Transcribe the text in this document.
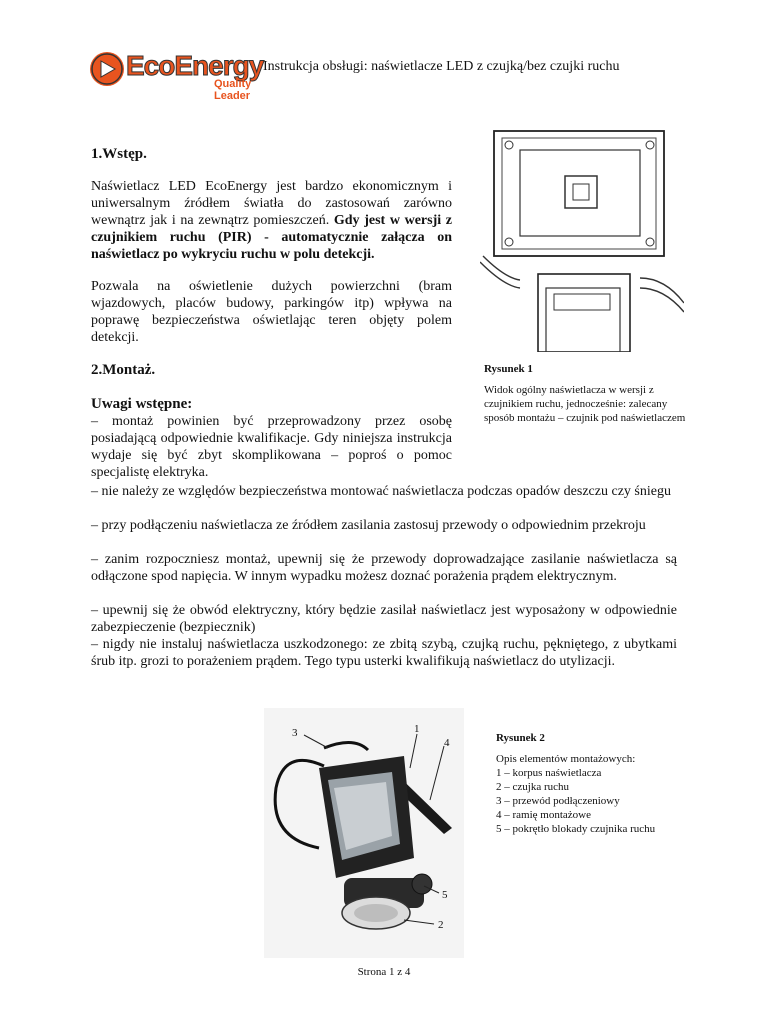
EcoEnergy
Quality Leader
Instrukcja obsługi: naświetlacze LED z czujką/bez czujki ruchu
1.Wstęp.
Naświetlacz LED EcoEnergy jest bardzo ekonomicznym i uniwersalnym źródłem światła do zastosowań zarówno wewnątrz jak i na zewnątrz pomieszczeń. Gdy jest w wersji z czujnikiem ruchu (PIR) - automatycznie załącza on naświetlacz po wykryciu ruchu w polu detekcji.
Pozwala na oświetlenie dużych powierzchni (bram wjazdowych, placów budowy, parkingów itp) wpływa na poprawę bezpieczeństwa oświetlając teren objęty polem detekcji.
Rysunek 1
Widok ogólny naświetlacza w wersji z czujnikiem ruchu, jednocześnie: zalecany sposób montażu – czujnik pod naświetlaczem
2.Montaż.
Uwagi wstępne:
– montaż powinien być przeprowadzony przez osobę posiadającą odpowiednie kwalifikacje. Gdy niniejsza instrukcja wydaje się być zbyt skomplikowana – poproś o pomoc specjalistę elektryka.
– nie należy ze względów bezpieczeństwa montować naświetlacza podczas opadów deszczu czy śniegu
– przy podłączeniu naświetlacza ze źródłem zasilania zastosuj przewody o odpowiednim przekroju
– zanim rozpoczniesz montaż, upewnij się że przewody doprowadzające zasilanie naświetlacza są odłączone spod napięcia. W innym wypadku możesz doznać porażenia prądem elektrycznym.
– upewnij się że obwód elektryczny, który będzie zasilał naświetlacz jest wyposażony w odpowiednie zabezpieczenie (bezpiecznik)
– nigdy nie instaluj naświetlacza uszkodzonego: ze zbitą szybą, czujką ruchu, pękniętego, z ubytkami śrub itp. grozi to porażeniem prądem. Tego typu usterki kwalifikują naświetlacz do utylizacji.
3	1
4
5
2
Rysunek 2
Opis elementów montażowych:
1 – korpus naświetlacza
2 – czujka ruchu
3 – przewód podłączeniowy
4 – ramię montażowe
5 – pokrętło blokady czujnika ruchu
Strona 1 z 4
